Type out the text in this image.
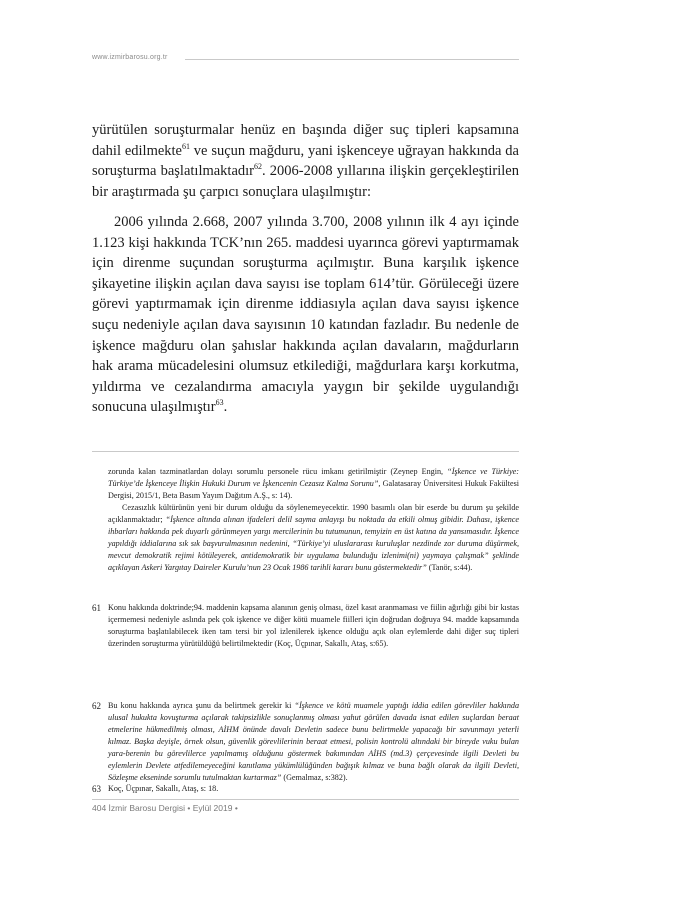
www.izmirbarosu.org.tr
yürütülen soruşturmalar henüz en başında diğer suç tipleri kapsamına dahil edilmekte$^{61}$ ve suçun mağduru, yani işkenceye uğrayan hakkında da soruşturma başlatılmaktadır$^{62}$. 2006-2008 yıllarına ilişkin gerçekleştirilen bir araştırmada şu çarpıcı sonuçlara ulaşılmıştır:
2006 yılında 2.668, 2007 yılında 3.700, 2008 yılının ilk 4 ayı içinde 1.123 kişi hakkında TCK’nın 265. maddesi uyarınca görevi yaptırmamak için direnme suçundan soruşturma açılmıştır. Buna karşılık işkence şikayetine ilişkin açılan dava sayısı ise toplam 614’tür. Görüleceği üzere görevi yaptırmamak için direnme iddiasıyla açılan dava sayısı işkence suçu nedeniyle açılan dava sayısının 10 katından fazladır. Bu nedenle de işkence mağduru olan şahıslar hakkında açılan davaların, mağdurların hak arama mücadelesini olumsuz etkilediği, mağdurlara karşı korkutma, yıldırma ve cezalandırma amacıyla yaygın bir şekilde uygulandığı sonucuna ulaşılmıştır$^{63}$.
zorunda kalan tazminatlardan dolayı sorumlu personele rücu imkanı getirilmiştir (Zeynep Engin, “İşkence ve Türkiye: Türkiye’de İşkenceye İlişkin Hukuki Durum ve İşkencenin Cezasız Kalma Sorunu”, Galatasaray Üniversitesi Hukuk Fakültesi Dergisi, 2015/1, Beta Basım Yayım Dağıtım A.Ş., s: 14).
Cezasızlık kültürünün yeni bir durum olduğu da söylenemeyecektir. 1990 basımlı olan bir eserde bu durum şu şekilde açıklanmaktadır; “İşkence altında alınan ifadeleri delil sayma anlayışı bu noktada da etkili olmuş gibidir. Dahası, işkence ihbarları hakkında pek duyarlı görünmeyen yargı mercilerinin bu tutumunun, temyizin en üst katına da yansımasıdır. İşkence yapıldığı iddialarına sık sık başvurulmasının nedenini, “Türkiye’yi uluslararası kuruluşlar nezdinde zor duruma düşürmek, mevcut demokratik rejimi kötüleyerek, antidemokratik bir uygulama bulunduğu izlenimi(ni) yaymaya çalışmak” şeklinde açıklayan Askeri Yargıtay Daireler Kurulu’nun 23 Ocak 1986 tarihli kararı bunu göstermektedir” (Tanör, s:44).
61 Konu hakkında doktrinde;94. maddenin kapsama alanının geniş olması, özel kasıt aranmaması ve fiilin ağırlığı gibi bir kıstas içermemesi nedeniyle aslında pek çok işkence ve diğer kötü muamele fiilleri için doğrudan doğruya 94. madde kapsamında soruşturma başlatılabilecek iken tam tersi bir yol izlenilerek işkence olduğu açık olan eylemlerde dahi diğer suç tipleri üzerinden soruşturma yürütüldüğü belirtilmektedir (Koç, Üçpınar, Sakallı, Ataş, s:65).
62 Bu konu hakkında ayrıca şunu da belirtmek gerekir ki “İşkence ve kötü muamele yaptığı iddia edilen görevliler hakkında ulusal hukukta kovuşturma açılarak takipsizlikle sonuçlanmış olması yahut görülen davada isnat edilen suçlardan beraat etmelerine hükmedilmiş olması, AİHM önünde davalı Devletin sadece bunu belirtmekle yapacağı bir savunmayı yeterli kılmaz. Başka deyişle, örnek olsun, güvenlik görevlilerinin beraat etmesi, polisin kontrolü altındaki bir bireyde vuku bulan yara-berenin bu görevlilerce yapılmamış olduğunu göstermek bakımından AİHS (md.3) çerçevesinde ilgili Devleti bu eylemlerin Devlete atfedilemeyeceğini kanıtlama yükümlülüğünden bağışık kılmaz ve buna bağlı olarak da ilgili Devleti, Sözleşme ekseninde sorumlu tutulmaktan kurtarmaz” (Gemalmaz, s:382).
63 Koç, Üçpınar, Sakallı, Ataş, s: 18.
404 İzmir Barosu Dergisi • Eylül 2019 •
